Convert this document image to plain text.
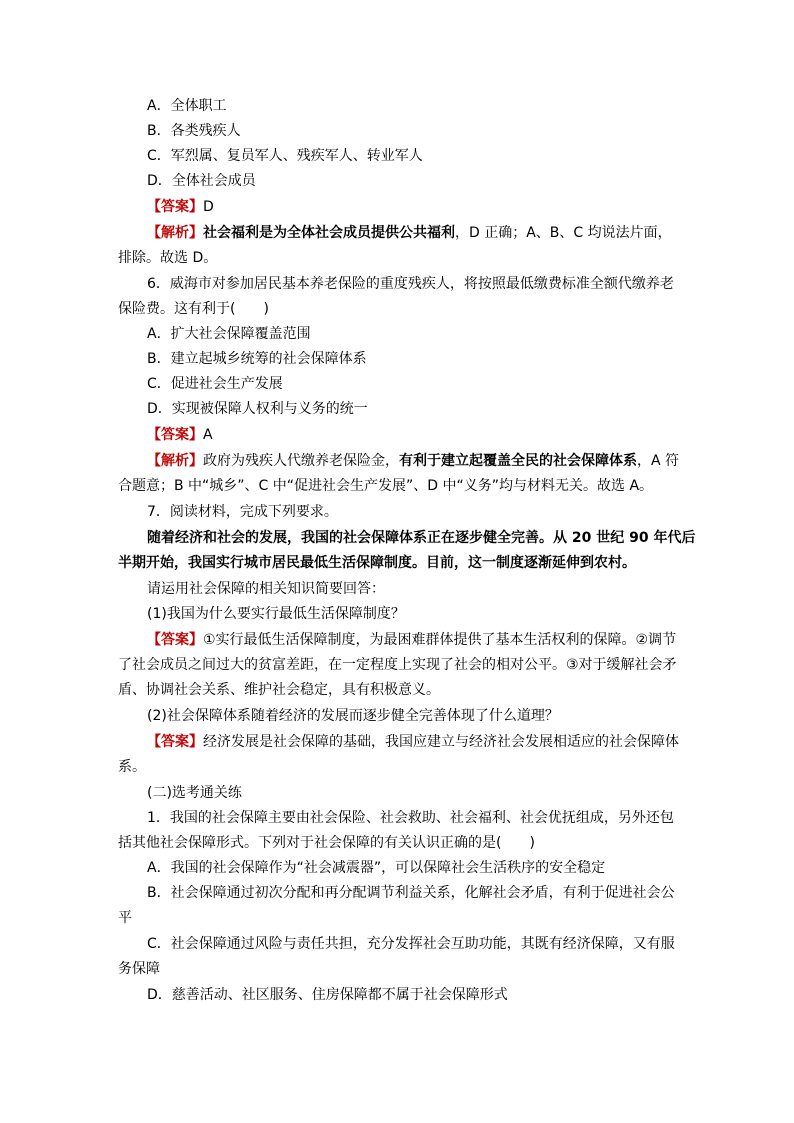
A．全体职工
B．各类残疾人
C．军烈属、复员军人、残疾军人、转业军人
D．全体社会成员
【答案】D
【解析】社会福利是为全体社会成员提供公共福利，D 正确；A、B、C 均说法片面，
排除。故选 D。
6．威海市对参加居民基本养老保险的重度残疾人，将按照最低缴费标准全额代缴养老
保险费。这有利于(　　)
A．扩大社会保障覆盖范围
B．建立起城乡统筹的社会保障体系
C．促进社会生产发展
D．实现被保障人权利与义务的统一
【答案】A
【解析】政府为残疾人代缴养老保险金，有利于建立起覆盖全民的社会保障体系，A 符
合题意；B 中“城乡”、C 中“促进社会生产发展”、D 中“义务”均与材料无关。故选 A。
7．阅读材料，完成下列要求。
随着经济和社会的发展，我国的社会保障体系正在逐步健全完善。从 20 世纪 90 年代后
半期开始，我国实行城市居民最低生活保障制度。目前，这一制度逐渐延伸到农村。
请运用社会保障的相关知识简要回答：
(1)我国为什么要实行最低生活保障制度？
【答案】①实行最低生活保障制度，为最困难群体提供了基本生活权利的保障。②调节
了社会成员之间过大的贫富差距，在一定程度上实现了社会的相对公平。③对于缓解社会矛
盾、协调社会关系、维护社会稳定，具有积极意义。
(2)社会保障体系随着经济的发展而逐步健全完善体现了什么道理？
【答案】经济发展是社会保障的基础，我国应建立与经济社会发展相适应的社会保障体
系。
(二)选考通关练
1．我国的社会保障主要由社会保险、社会救助、社会福利、社会优抚组成，另外还包
括其他社会保障形式。下列对于社会保障的有关认识正确的是(　　)
A．我国的社会保障作为“社会减震器”，可以保障社会生活秩序的安全稳定
B．社会保障通过初次分配和再分配调节利益关系，化解社会矛盾，有利于促进社会公
平
C．社会保障通过风险与责任共担，充分发挥社会互助功能，其既有经济保障，又有服
务保障
D．慈善活动、社区服务、住房保障都不属于社会保障形式
